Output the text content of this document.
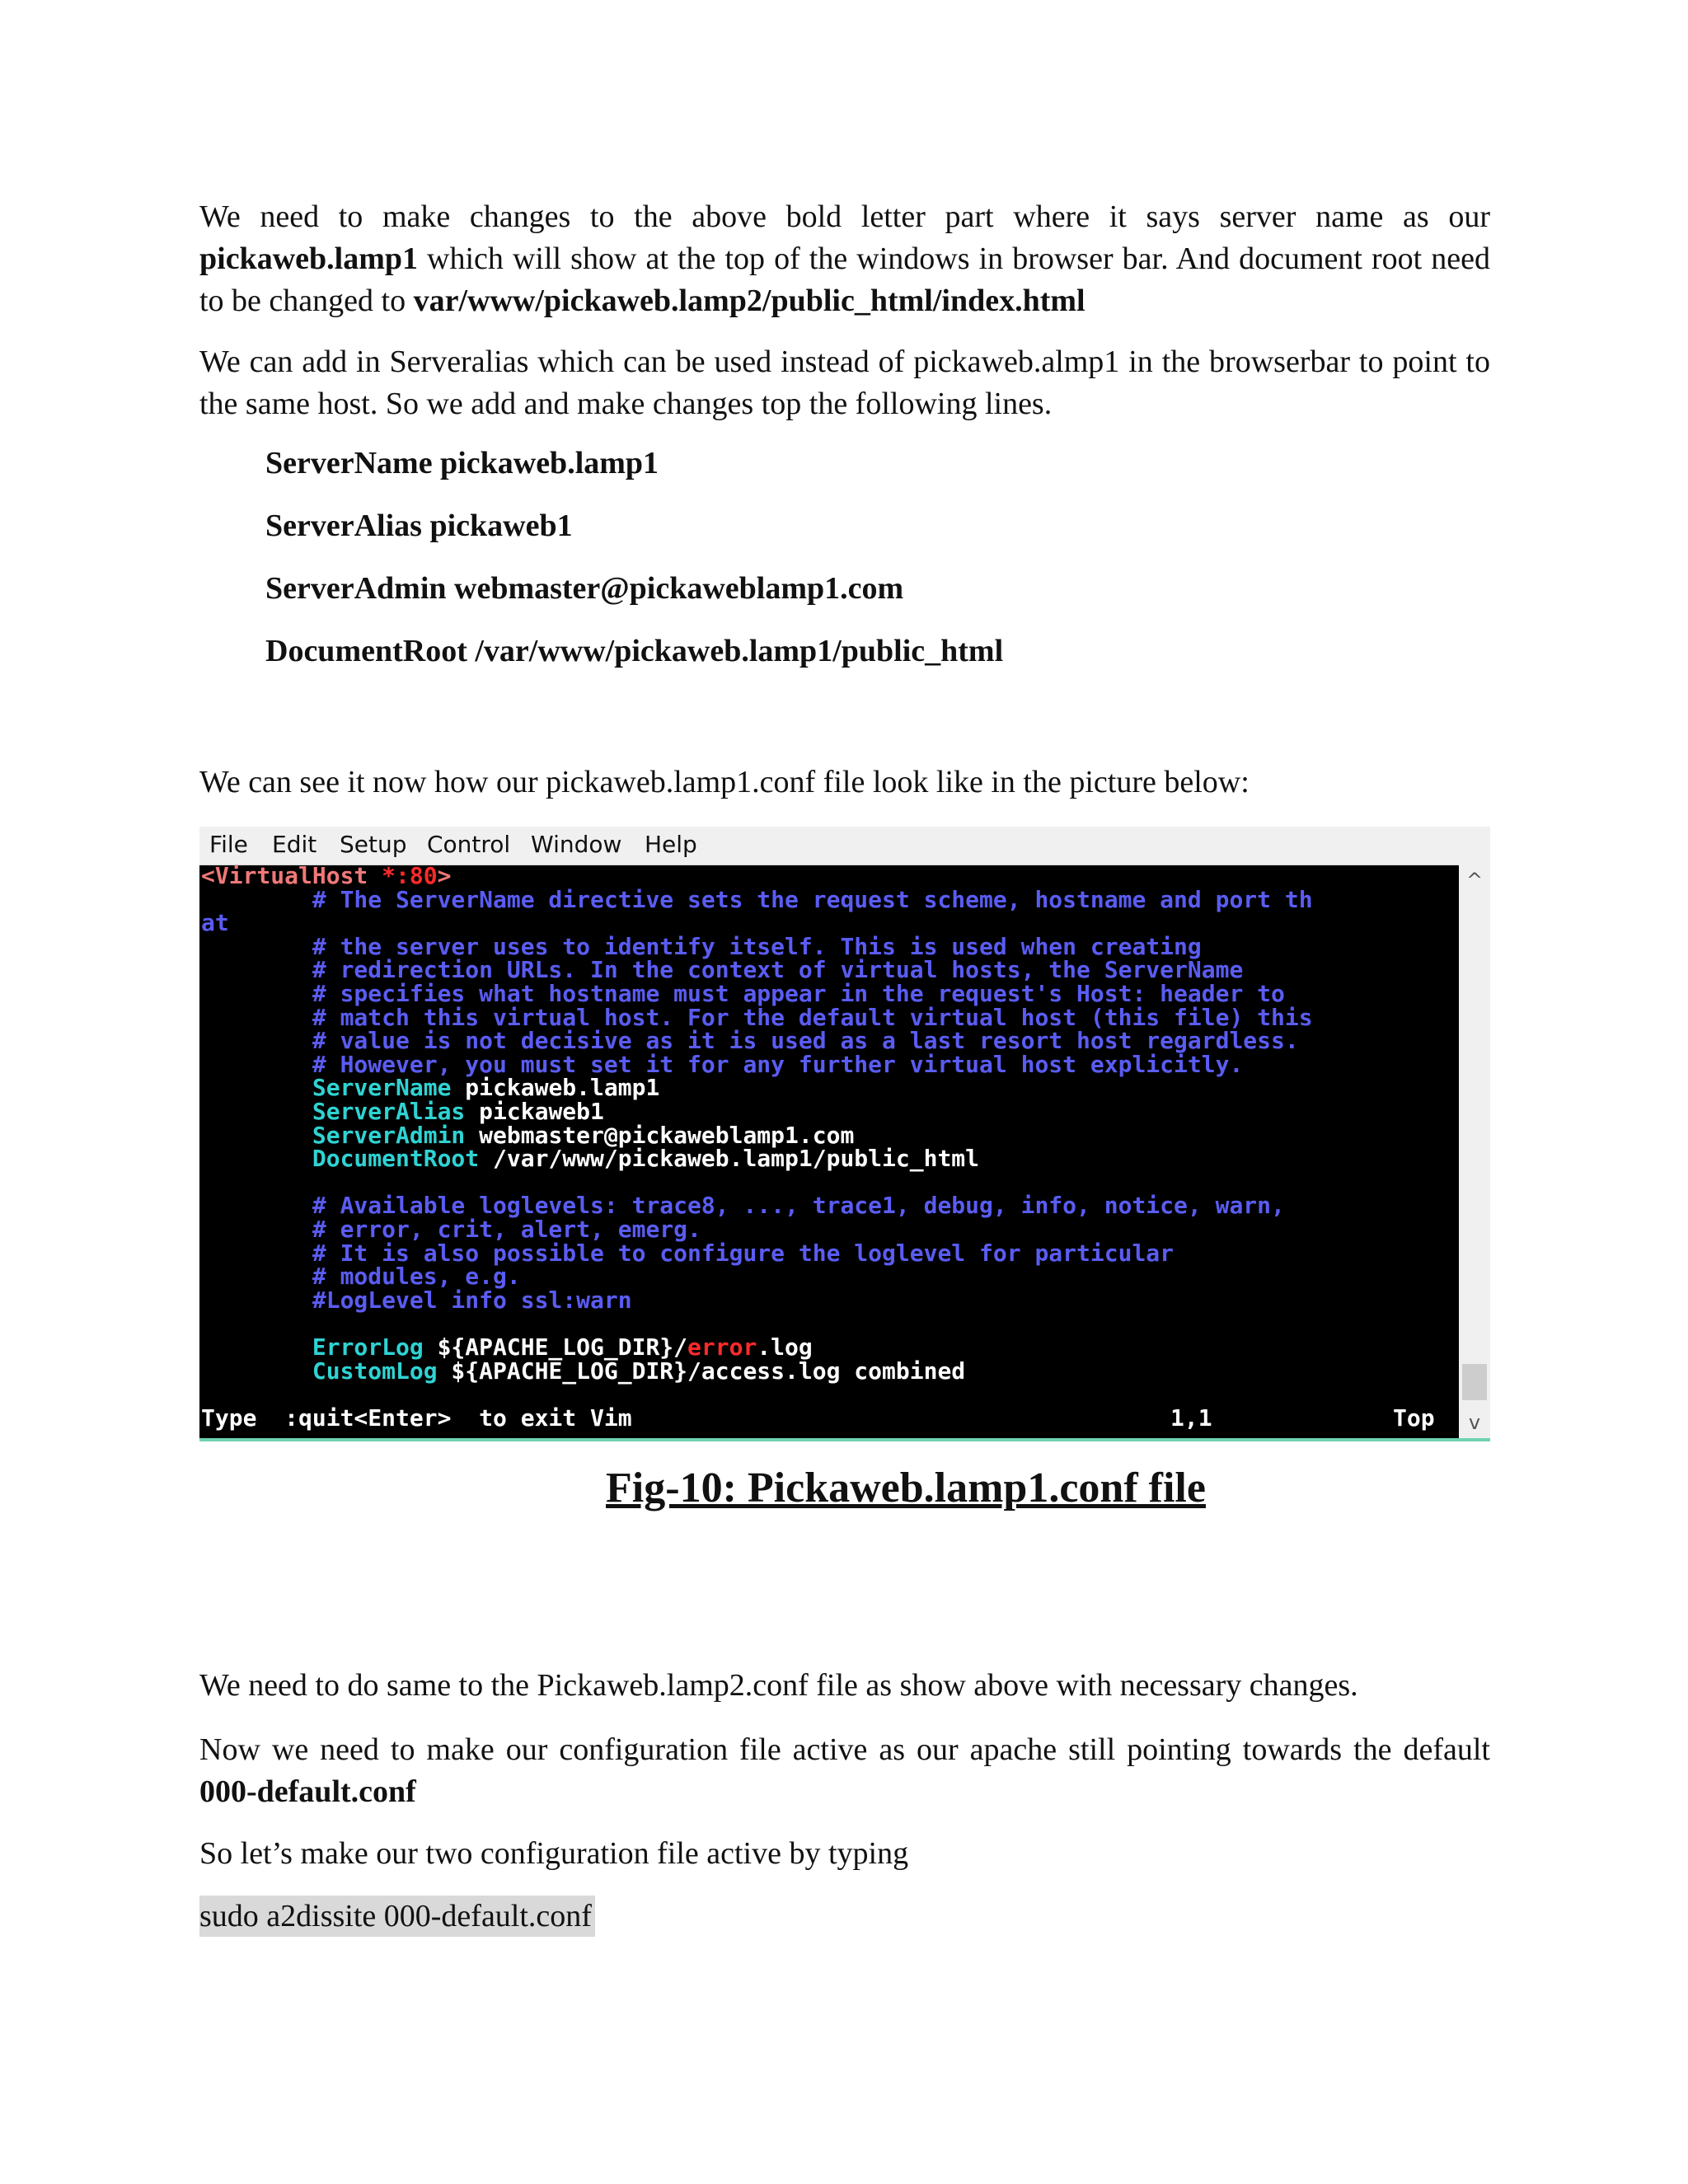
We need to make changes to the above bold letter part where it says server name as our pickaweb.lamp1 which will show at the top of the windows in browser bar. And document root need to be changed to var/www/pickaweb.lamp2/public_html/index.html

We can add in Serveralias which can be used instead of pickaweb.almp1 in the browserbar to point to the same host. So we add and make changes top the following lines.

ServerName pickaweb.lamp1

ServerAlias pickaweb1

ServerAdmin webmaster@pickaweblamp1.com

DocumentRoot /var/www/pickaweb.lamp1/public_html

We can see it now how our pickaweb.lamp1.conf file look like in the picture below:

File Edit Setup Control Window Help

<VirtualHost *:80>

# The ServerName directive sets the request scheme, hostname and port th

at

# the server uses to identify itself. This is used when creating

# redirection URLs. In the context of virtual hosts, the ServerName

# specifies what hostname must appear in the request's Host: header to

# match this virtual host. For the default virtual host (this file) this

# value is not decisive as it is used as a last resort host regardless.

# However, you must set it for any further virtual host explicitly.

ServerName pickaweb.lamp1

ServerAlias pickaweb1

ServerAdmin webmaster@pickaweblamp1.com

DocumentRoot /var/www/pickaweb.lamp1/public_html

# Available loglevels: trace8, ..., trace1, debug, info, notice, warn,

# error, crit, alert, emerg.

# It is also possible to configure the loglevel for particular

# modules, e.g.

#LogLevel info ssl:warn

ErrorLog ${APACHE_LOG_DIR}/error.log

CustomLog ${APACHE_LOG_DIR}/access.log combined

Type  :quit<Enter>  to exit Vim

	1,1

	Top

^
v
Fig-10: Pickaweb.lamp1.conf file

We need to do same to the Pickaweb.lamp2.conf file as show above with necessary changes.

Now we need to make our configuration file active as our apache still pointing towards the default 000-default.conf

So let’s make our two configuration file active by typing

sudo a2dissite 000-default.conf
